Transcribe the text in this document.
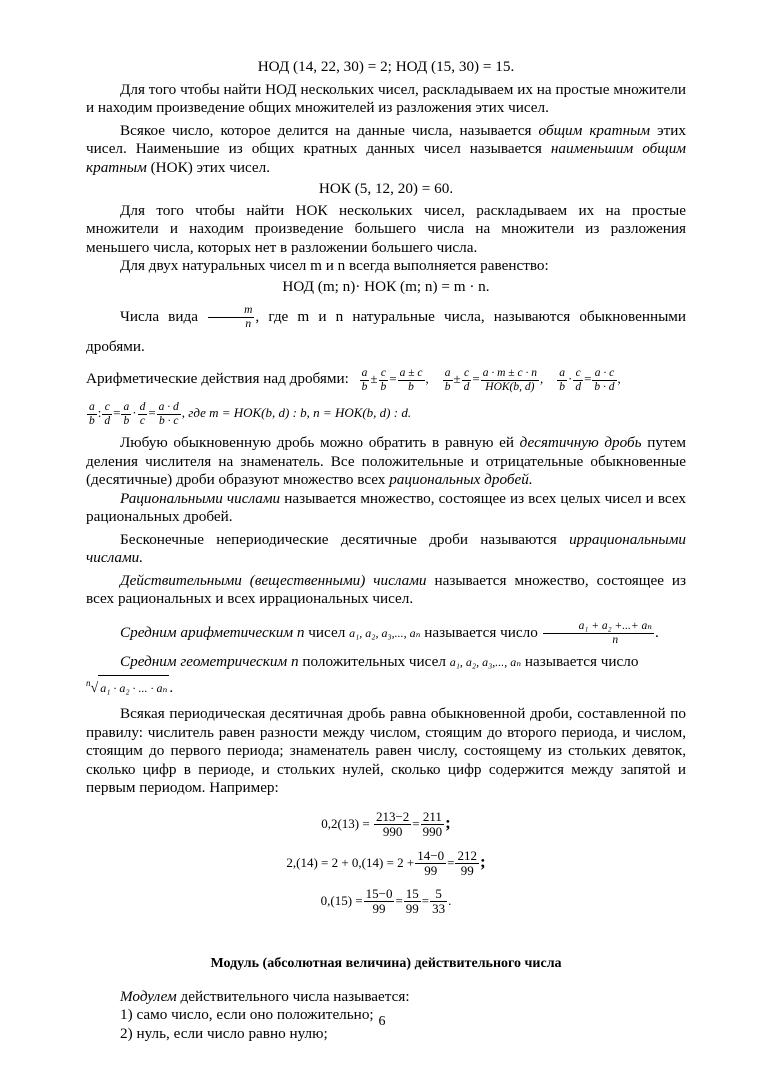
НОД (14, 22, 30) = 2; НОД (15, 30) = 15.

Для того чтобы найти НОД нескольких чисел, раскладываем их на простые множители и находим произведение общих множителей из разложения этих чисел.

Всякое число, которое делится на данные числа, называется общим кратным этих чисел. Наименьшие из общих кратных данных чисел называется наименьшим общим кратным (НОК) этих чисел.

НОК (5, 12, 20) = 60.

Для того чтобы найти НОК нескольких чисел, раскладываем их на простые множители и находим произведение большего числа на множители из разложения меньшего числа, которых нет в разложении большего числа.

Для двух натуральных чисел m и n всегда выполняется равенство:

НОД (m; n)· НОК (m; n) = m · n.

Числа вида $\frac{m}{n}$ , где m и n натуральные числа, называются обыкновенными дробями.

Арифметические действия над дробями: $\frac{a}{b} \pm \frac{c}{b} = \frac{a \pm c}{b}$ , $\frac{a}{b} \pm \frac{c}{d} = \frac{a \cdot m \pm c \cdot n}{\text{НОК(b, d)}}$ , $\frac{a}{b} \cdot \frac{c}{d} = \frac{a \cdot c}{b \cdot d}$ ,
$\frac{a}{b}$ : $\frac{c}{d} = \frac{a}{b} \cdot \frac{d}{c} = \frac{a \cdot d}{b \cdot c}$ , где m = НОК(b, d) : b, n = НОК(b, d) : d.

Любую обыкновенную дробь можно обратить в равную ей десятичную дробь путем деления числителя на знаменатель. Все положительные и отрицательные обыкновенные (десятичные) дроби образуют множество всех рациональных дробей.

Рациональными числами называется множество, состоящее из всех целых чисел и всех рациональных дробей.

Бесконечные непериодические десятичные дроби называются иррациональными числами.

Действительными (вещественными) числами называется множество, состоящее из всех рациональных и всех иррациональных чисел.

Средним арифметическим n чисел a₁, a₂, a₃,..., aₙ называется число $\frac{\text{a₁ + a₂ +...+ aₙ}}{n}$ .

Средним геометрическим n положительных чисел a₁, a₂, a₃,..., aₙ называется число

$^n$√ a₁ · a₂ · ... · aₙ .

Всякая периодическая десятичная дробь равна обыкновенной дроби, составленной по правилу: числитель равен разности между числом, стоящим до второго периода, и числом, стоящим до первого периода; знаменатель равен числу, состоящему из стольких девяток, сколько цифр в периоде, и стольких нулей, сколько цифр содержится между запятой и первым периодом. Например:

$0,2(13) = \frac{213-2}{990} = \frac{211}{990}$ ;
$2,(14) = 2 + 0,(14) = 2 + \frac{14-0}{99} = \frac{212}{99}$ ;
$0,(15) = \frac{15-0}{99} = \frac{15}{99} = \frac{5}{33}$ .
Модуль (абсолютная величина) действительного числа

Модулем действительного числа называется:

1) само число, если оно положительно;

2) нуль, если число равно нулю;

6
